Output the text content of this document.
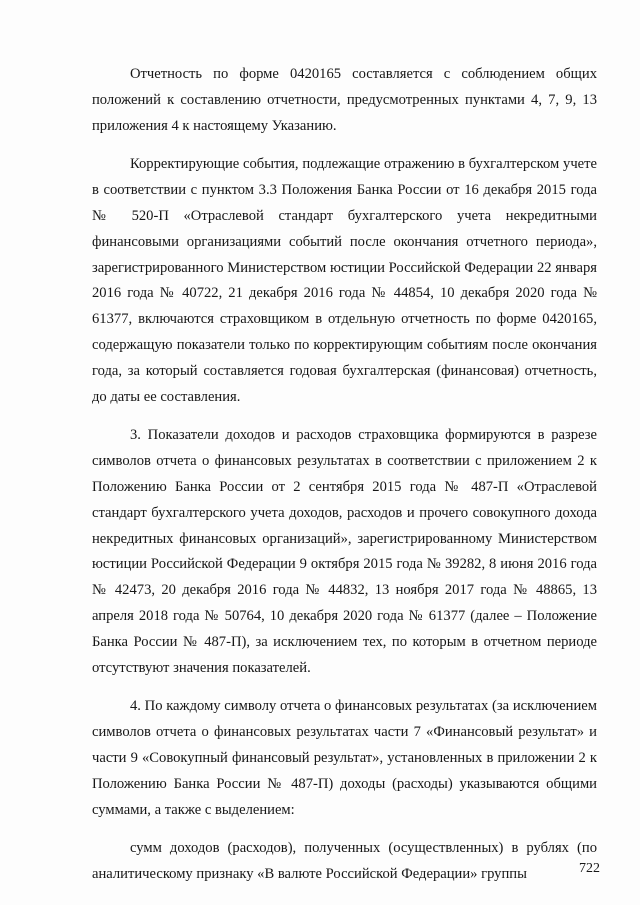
Отчетность по форме 0420165 составляется с соблюдением общих положений к составлению отчетности, предусмотренных пунктами 4, 7, 9, 13 приложения 4 к настоящему Указанию.

Корректирующие события, подлежащие отражению в бухгалтерском учете в соответствии с пунктом 3.3 Положения Банка России от 16 декабря 2015 года № 520-П «Отраслевой стандарт бухгалтерского учета некредитными финансовыми организациями событий после окончания отчетного периода», зарегистрированного Министерством юстиции Российской Федерации 22 января 2016 года № 40722, 21 декабря 2016 года № 44854, 10 декабря 2020 года № 61377, включаются страховщиком в отдельную отчетность по форме 0420165, содержащую показатели только по корректирующим событиям после окончания года, за который составляется годовая бухгалтерская (финансовая) отчетность, до даты ее составления.

3. Показатели доходов и расходов страховщика формируются в разрезе символов отчета о финансовых результатах в соответствии с приложением 2 к Положению Банка России от 2 сентября 2015 года № 487-П «Отраслевой стандарт бухгалтерского учета доходов, расходов и прочего совокупного дохода некредитных финансовых организаций», зарегистрированному Министерством юстиции Российской Федерации 9 октября 2015 года № 39282, 8 июня 2016 года № 42473, 20 декабря 2016 года № 44832, 13 ноября 2017 года № 48865, 13 апреля 2018 года № 50764, 10 декабря 2020 года № 61377 (далее – Положение Банка России № 487-П), за исключением тех, по которым в отчетном периоде отсутствуют значения показателей.

4. По каждому символу отчета о финансовых результатах (за исключением символов отчета о финансовых результатах части 7 «Финансовый результат» и части 9 «Совокупный финансовый результат», установленных в приложении 2 к Положению Банка России № 487-П) доходы (расходы) указываются общими суммами, а также с выделением:

сумм доходов (расходов), полученных (осуществленных) в рублях (по аналитическому признаку «В валюте Российской Федерации» группы	722
